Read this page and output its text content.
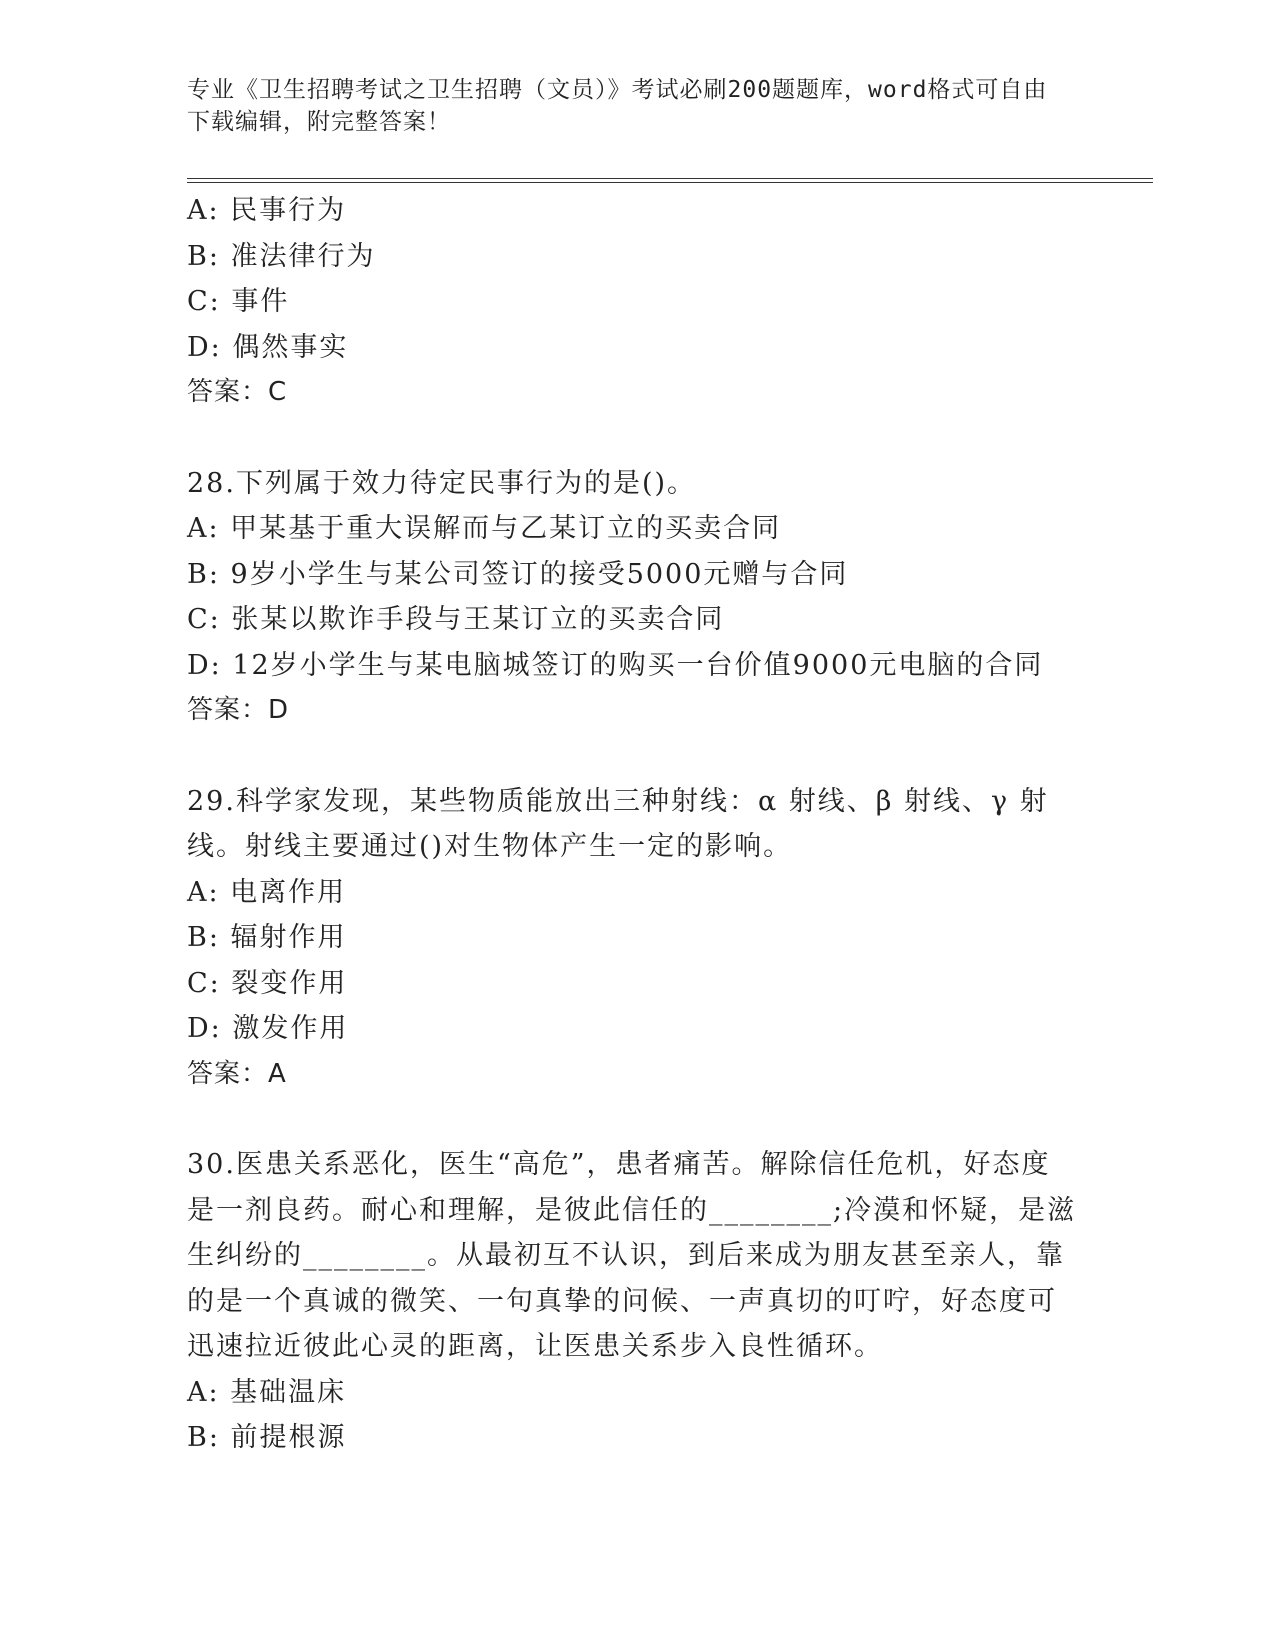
专业《卫生招聘考试之卫生招聘（文员）》考试必刷200题题库，word格式可自由下载编辑，附完整答案！
A: 民事行为
B: 准法律行为
C: 事件
D: 偶然事实
答案：C
28.下列属于效力待定民事行为的是()。
A: 甲某基于重大误解而与乙某订立的买卖合同
B: 9岁小学生与某公司签订的接受5000元赠与合同
C: 张某以欺诈手段与王某订立的买卖合同
D: 12岁小学生与某电脑城签订的购买一台价值9000元电脑的合同
答案：D
29.科学家发现，某些物质能放出三种射线：α 射线、β 射线、γ 射
线。射线主要通过()对生物体产生一定的影响。
A: 电离作用
B: 辐射作用
C: 裂变作用
D: 激发作用
答案：A
30.医患关系恶化，医生“高危”，患者痛苦。解除信任危机，好态度
是一剂良药。耐心和理解，是彼此信任的________;冷漠和怀疑，是滋
生纠纷的________。从最初互不认识，到后来成为朋友甚至亲人，靠
的是一个真诚的微笑、一句真挚的问候、一声真切的叮咛，好态度可
迅速拉近彼此心灵的距离，让医患关系步入良性循环。
A: 基础温床
B: 前提根源
